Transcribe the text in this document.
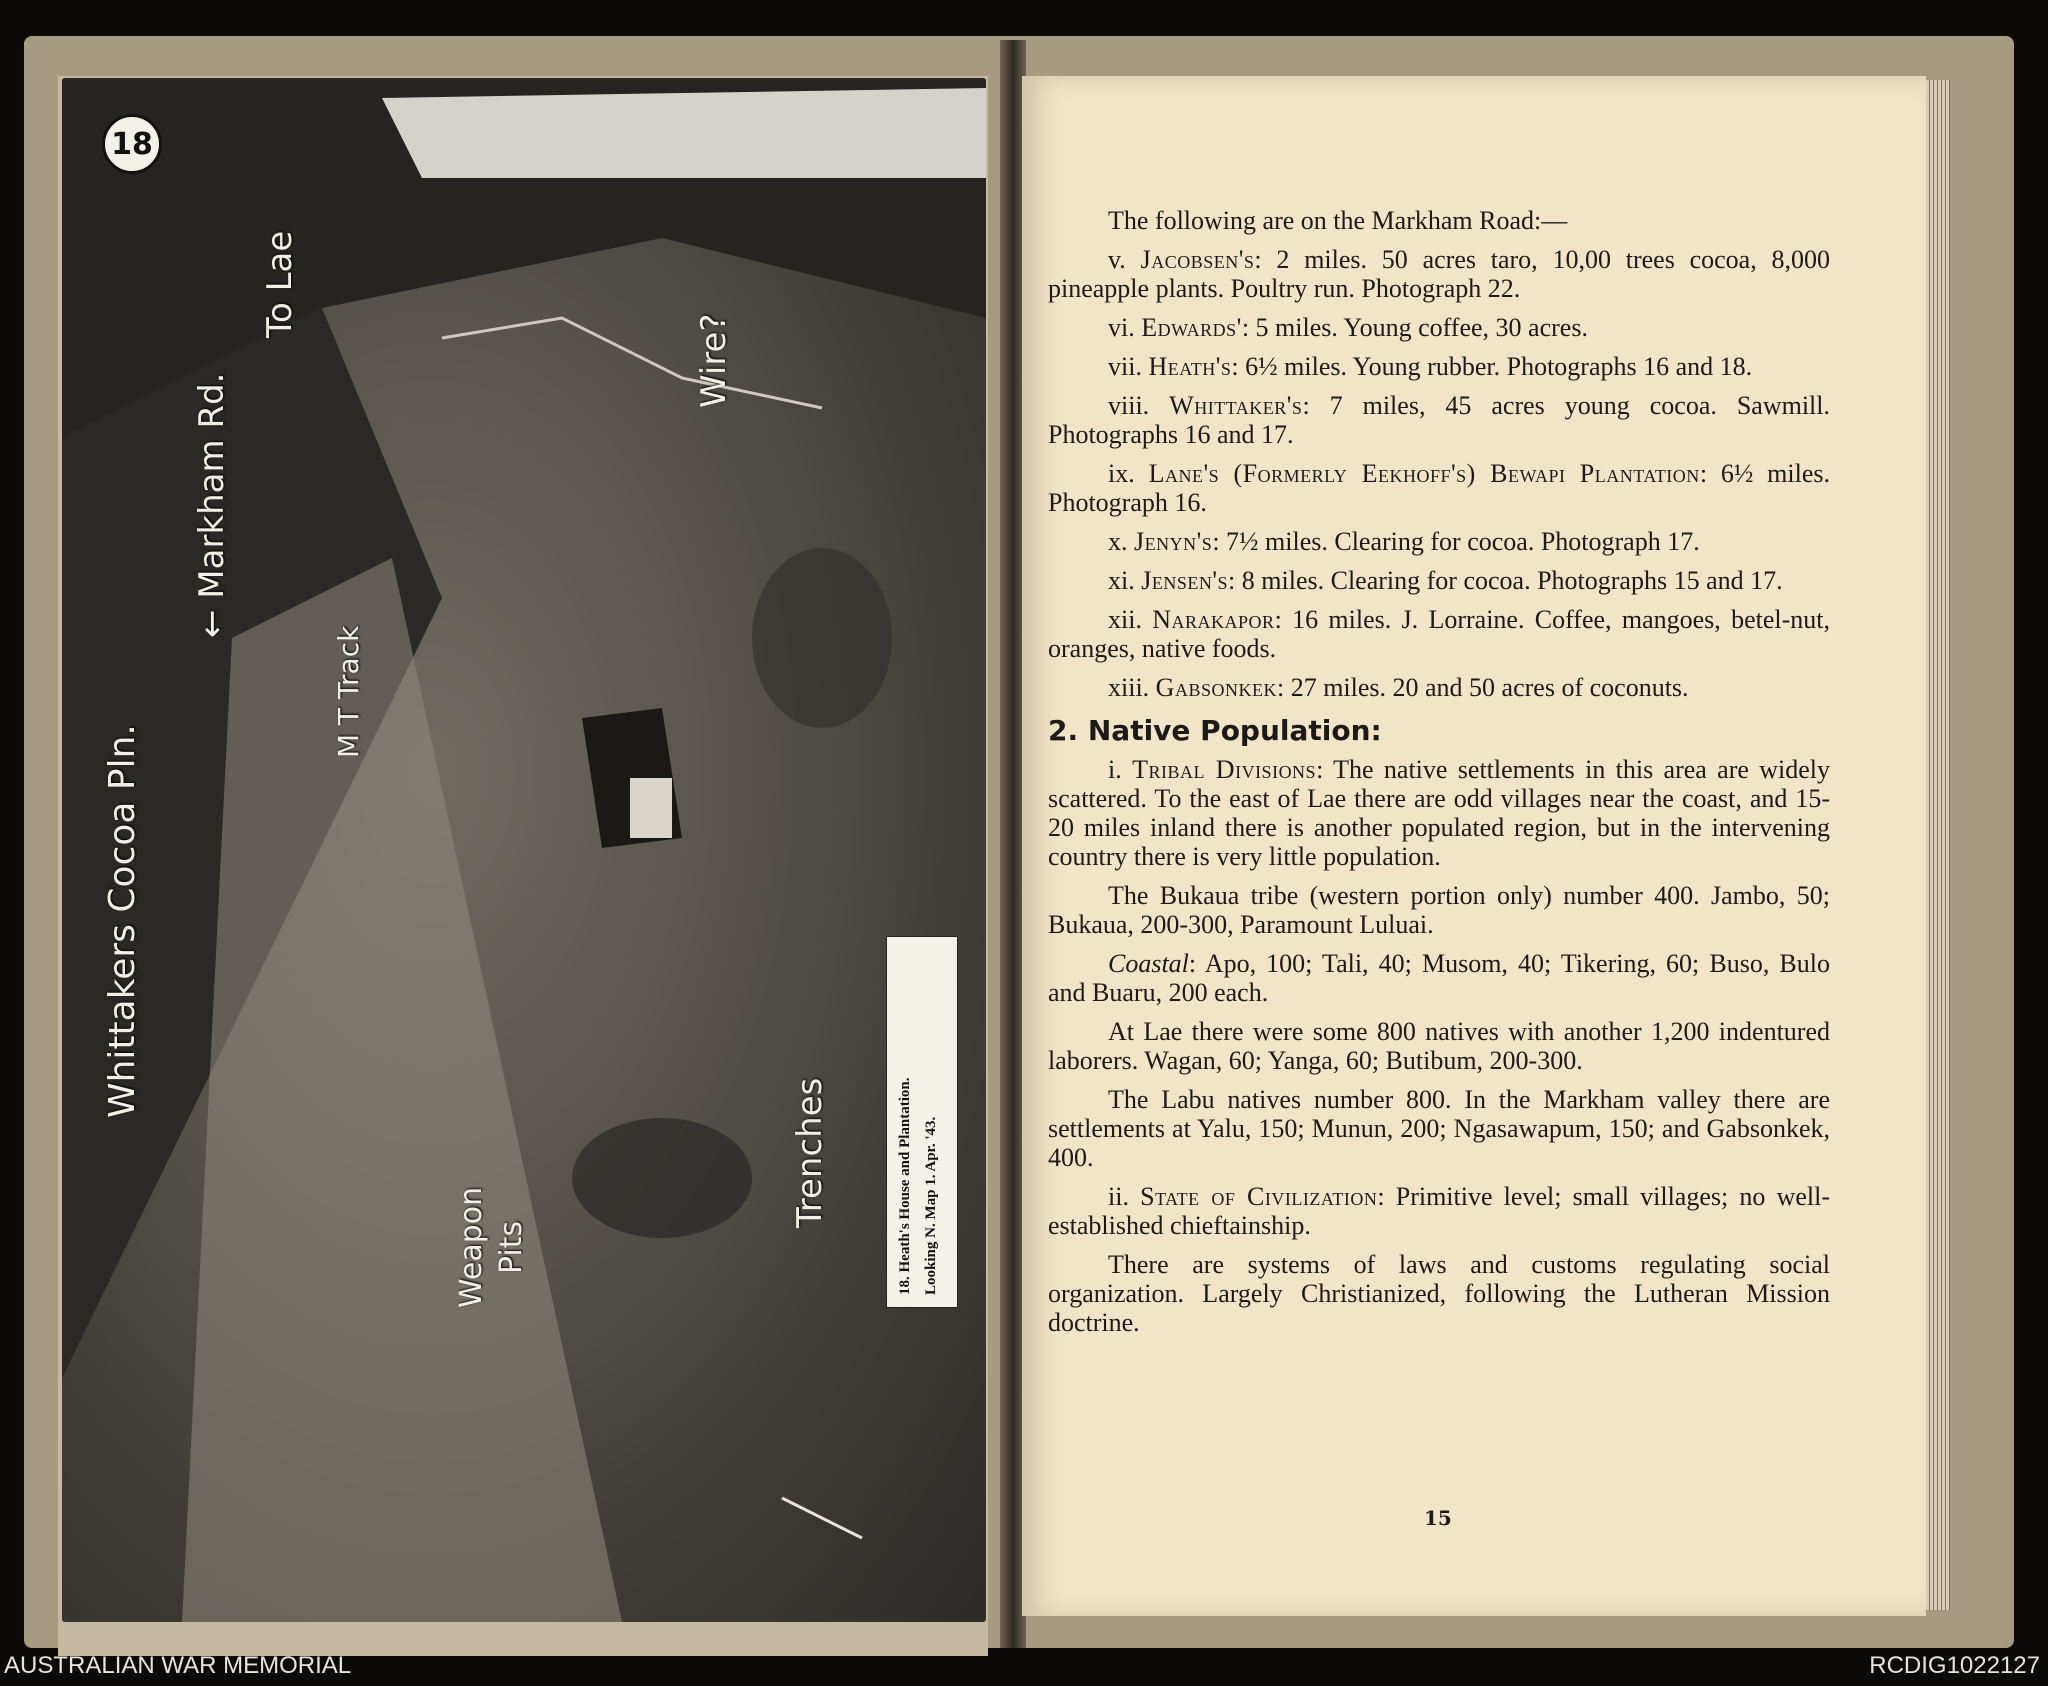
18
To Lae
← Markham Rd.
Whittakers Cocoa Pln.
Wire?
M T Track
Weapon Pits
Trenches	18. Heath's House and Plantation. Looking N. Map 1. Apr. '43.

The following are on the Markham Road:—

v. Jacobsen's: 2 miles. 50 acres taro, 10,00 trees cocoa, 8,000 pineapple plants. Poultry run. Photograph 22.

vi. Edwards': 5 miles. Young coffee, 30 acres.

vii. Heath's: 6½ miles. Young rubber. Photographs 16 and 18.

viii. Whittaker's: 7 miles, 45 acres young cocoa. Sawmill. Photographs 16 and 17.

ix. Lane's (Formerly Eekhoff's) Bewapi Plantation: 6½ miles. Photograph 16.

x. Jenyn's: 7½ miles. Clearing for cocoa. Photograph 17.

xi. Jensen's: 8 miles. Clearing for cocoa. Photographs 15 and 17.

xii. Narakapor: 16 miles. J. Lorraine. Coffee, mangoes, betel-nut, oranges, native foods.

xiii. Gabsonkek: 27 miles. 20 and 50 acres of coconuts.

2. Native Population:

i. Tribal Divisions: The native settlements in this area are widely scattered. To the east of Lae there are odd villages near the coast, and 15-20 miles inland there is another populated region, but in the intervening country there is very little population.

The Bukaua tribe (western portion only) number 400. Jambo, 50; Bukaua, 200-300, Paramount Luluai.

Coastal: Apo, 100; Tali, 40; Musom, 40; Tikering, 60; Buso, Bulo and Buaru, 200 each.

At Lae there were some 800 natives with another 1,200 indentured laborers. Wagan, 60; Yanga, 60; Butibum, 200-300.

The Labu natives number 800. In the Markham valley there are settlements at Yalu, 150; Munun, 200; Ngasawapum, 150; and Gabsonkek, 400.

ii. State of Civilization: Primitive level; small villages; no well-established chieftainship.

There are systems of laws and customs regulating social organization. Largely Christianized, following the Lutheran Mission doctrine.

15
AUSTRALIAN WAR MEMORIAL	RCDIG1022127
